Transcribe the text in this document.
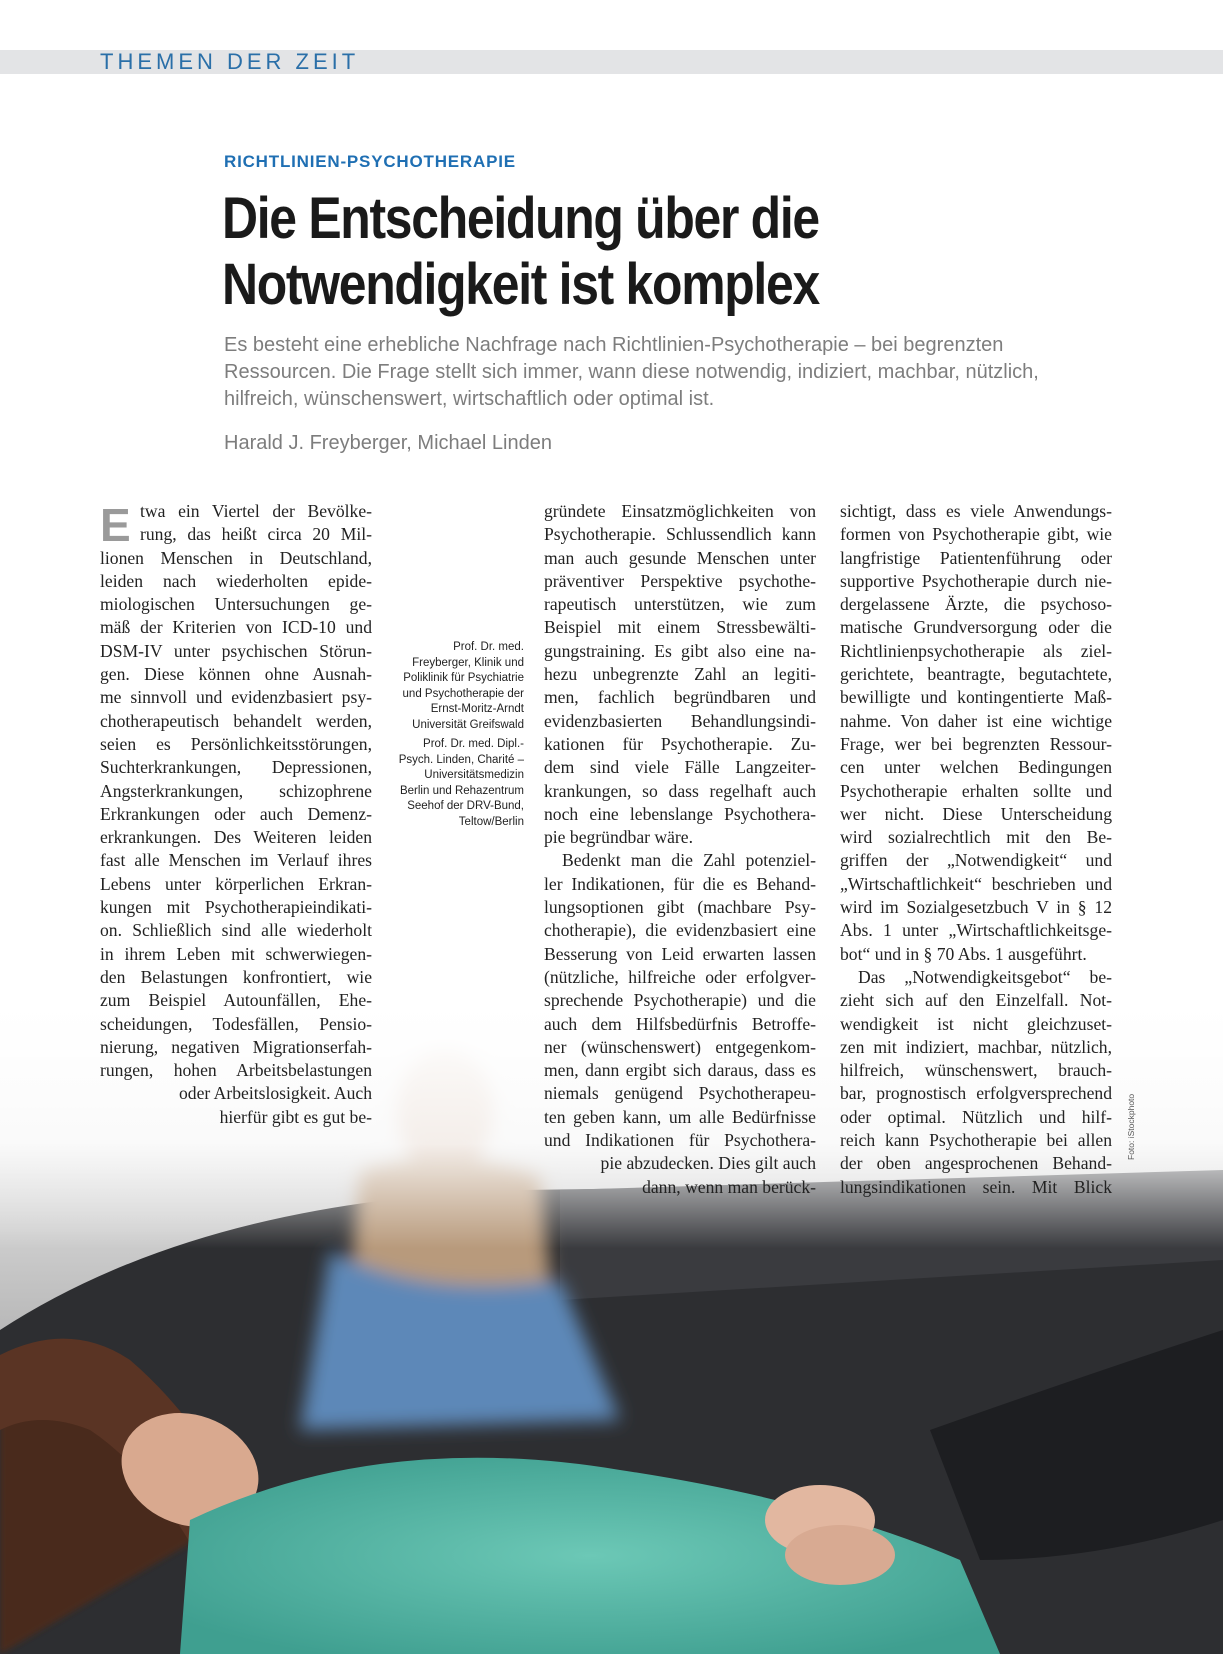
THEMEN DER ZEIT
RICHTLINIEN-PSYCHOTHERAPIE
Die Entscheidung über die
Notwendigkeit ist komplex

Es besteht eine erhebliche Nachfrage nach Richtlinien-Psychotherapie – bei begrenzten Ressourcen. Die Frage stellt sich immer, wann diese notwendig, indiziert, machbar, nützlich, hilfreich, wünschenswert, wirtschaftlich oder optimal ist.

Harald J. Freyberger, Michael Linden
E twa ein Viertel der Bevölke-
rung, das heißt circa 20 Mil-
lionen Menschen in Deutschland,
leiden nach wiederholten epide-
miologischen Untersuchungen ge-
mäß der Kriterien von ICD-10 und
DSM-IV unter psychischen Störun-
gen. Diese können ohne Ausnah-
me sinnvoll und evidenzbasiert psy-
chotherapeutisch behandelt werden,
seien es Persönlichkeitsstörungen,
Suchterkrankungen, Depressionen,
Angsterkrankungen, schizophrene
Erkrankungen oder auch Demenz-
erkrankungen. Des Weiteren leiden
fast alle Menschen im Verlauf ihres
Lebens unter körperlichen Erkran-
kungen mit Psychotherapieindikati-
on. Schließlich sind alle wiederholt
in ihrem Leben mit schwerwiegen-
den Belastungen konfrontiert, wie
zum Beispiel Autounfällen, Ehe-
scheidungen, Todesfällen, Pensio-
nierung, negativen Migrationserfah-
rungen, hohen Arbeitsbelastungen
oder Arbeitslosigkeit. Auch
hierfür gibt es gut be-
gründete Einsatzmöglichkeiten von
Psychotherapie. Schlussendlich kann
man auch gesunde Menschen unter
präventiver Perspektive psychothe-
rapeutisch unterstützen, wie zum
Beispiel mit einem Stressbewälti-
gungstraining. Es gibt also eine na-
hezu unbegrenzte Zahl an legiti-
men, fachlich begründbaren und
evidenzbasierten Behandlungsindi-
kationen für Psychotherapie. Zu-
dem sind viele Fälle Langzeiter-
krankungen, so dass regelhaft auch
noch eine lebenslange Psychothera-
pie begründbar wäre.
Bedenkt man die Zahl potenziel-
ler Indikationen, für die es Behand-
lungsoptionen gibt (machbare Psy-
chotherapie), die evidenzbasiert eine
Besserung von Leid erwarten lassen
(nützliche, hilfreiche oder erfolgver-
sprechende Psychotherapie) und die
auch dem Hilfsbedürfnis Betroffe-
ner (wünschenswert) entgegenkom-
men, dann ergibt sich daraus, dass es
niemals genügend Psychotherapeu-
ten geben kann, um alle Bedürfnisse
und Indikationen für Psychothera-
pie abzudecken. Dies gilt auch
dann, wenn man berück-
sichtigt, dass es viele Anwendungs-
formen von Psychotherapie gibt, wie
langfristige Patientenführung oder
supportive Psychotherapie durch nie-
dergelassene Ärzte, die psychoso-
matische Grundversorgung oder die
Richtlinienpsychotherapie als ziel-
gerichtete, beantragte, begutachtete,
bewilligte und kontingentierte Maß-
nahme. Von daher ist eine wichtige
Frage, wer bei begrenzten Ressour-
cen unter welchen Bedingungen
Psychotherapie erhalten sollte und
wer nicht. Diese Unterscheidung
wird sozialrechtlich mit den Be-
griffen der „Notwendigkeit“ und
„Wirtschaftlichkeit“ beschrieben und
wird im Sozialgesetzbuch V in § 12
Abs. 1 unter „Wirtschaftlichkeitsge-
bot“ und in § 70 Abs. 1 ausgeführt.
Das „Notwendigkeitsgebot“ be-
zieht sich auf den Einzelfall. Not-
wendigkeit ist nicht gleichzuset-
zen mit indiziert, machbar, nützlich,
hilfreich, wünschenswert, brauch-
bar, prognostisch erfolgversprechend
oder optimal. Nützlich und hilf-
reich kann Psychotherapie bei allen
der oben angesprochenen Behand-
lungsindikationen sein. Mit Blick

Prof. Dr. med. Freyberger, Klinik und Poliklinik für Psychiatrie und Psychotherapie der Ernst-Moritz-Arndt Universität Greifswald

Prof. Dr. med. Dipl.-Psych. Linden, Charité – Universitätsmedizin Berlin und Rehazentrum Seehof der DRV-Bund, Teltow/Berlin

Foto: iStockphoto
